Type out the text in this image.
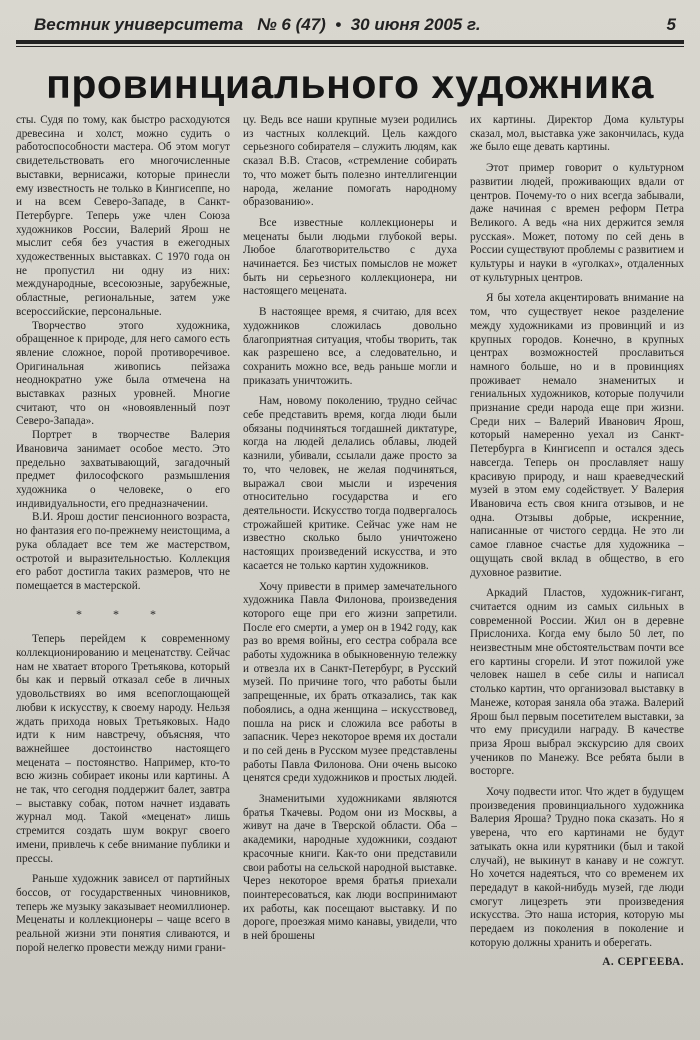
Вестник университета № 6 (47) • 30 июня 2005 г.	5
провинциального художника

сты. Судя по тому, как быстро расходуются древесина и холст, можно судить о работоспособности мастера. Об этом могут свидетельствовать его многочисленные выставки, вернисажи, которые принесли ему известность не только в Кингисеппе, но и на всем Северо-Западе, в Санкт-Петербурге. Теперь уже член Союза художников России, Валерий Ярош не мыслит себя без участия в ежегодных художественных выставках. С 1970 года он не пропустил ни одну из них: международные, всесоюзные, зарубежные, областные, региональные, затем уже всероссийские, персональные.

Творчество этого художника, обращенное к природе, для него самого есть явление сложное, порой противоречивое. Оригинальная живопись пейзажа неоднократно уже была отмечена на выставках разных уровней. Многие считают, что он «новоявленный поэт Северо-Запада».

Портрет в творчестве Валерия Ивановича занимает особое место. Это предельно захватывающий, загадочный предмет философского размышления художника о человеке, о его индивидуальности, его предназначении.

В.И. Ярош достиг пенсионного возраста, но фантазия его по-прежнему неистощима, а рука обладает все тем же мастерством, остротой и выразительностью. Коллекция его работ достигла таких размеров, что не помещается в мастерской.

* * *

Теперь перейдем к современному коллекционированию и меценатству. Сейчас нам не хватает второго Третьякова, который бы как и первый отказал себе в личных удовольствиях во имя всепоглощающей любви к искусству, к своему народу. Нельзя ждать прихода новых Третьяковых. Надо идти к ним навстречу, объясняя, что важнейшее достоинство настоящего мецената – постоянство. Например, кто-то всю жизнь собирает иконы или картины. А не так, что сегодня поддержит балет, завтра – выставку собак, потом начнет издавать журнал мод. Такой «меценат» лишь стремится создать шум вокруг своего имени, привлечь к себе внимание публики и прессы.

Раньше художник зависел от партийных боссов, от государственных чиновников, теперь же музыку заказывает неомиллионер. Меценаты и коллекционеры – чаще всего в реальной жизни эти понятия сливаются, и порой нелегко провести между ними грани-

цу. Ведь все наши крупные музеи родились из частных коллекций. Цель каждого серьезного собирателя – служить людям, как сказал В.В. Стасов, «стремление собирать то, что может быть полезно интеллигенции народа, желание помогать народному образованию».

Все известные коллекционеры и меценаты были людьми глубокой веры. Любое благотворительство с духа начинается. Без чистых помыслов не может быть ни серьезного коллекционера, ни настоящего мецената.

В настоящее время, я считаю, для всех художников сложилась довольно благоприятная ситуация, чтобы творить, так как разрешено все, а следовательно, и сохранить можно все, ведь раньше могли и приказать уничтожить.

Нам, новому поколению, трудно сейчас себе представить время, когда люди были обязаны подчиняться тогдашней диктатуре, когда на людей делались облавы, людей казнили, убивали, ссылали даже просто за то, что человек, не желая подчиняться, выражал свои мысли и изречения относительно государства и его деятельности. Искусство тогда подвергалось строжайшей критике. Сейчас уже нам не известно сколько было уничтожено настоящих произведений искусства, и это касается не только картин художников.

Хочу привести в пример замечательного художника Павла Филонова, произведения которого еще при его жизни запретили. После его смерти, а умер он в 1942 году, как раз во время войны, его сестра собрала все работы художника в обыкновенную тележку и отвезла их в Санкт-Петербург, в Русский музей. По причине того, что работы были запрещенные, их брать отказались, так как побоялись, а одна женщина – искусствовед, пошла на риск и сложила все работы в запасник. Через некоторое время их достали и по сей день в Русском музее представлены работы Павла Филонова. Они очень высоко ценятся среди художников и простых людей.

Знаменитыми художниками являются братья Ткачевы. Родом они из Москвы, а живут на даче в Тверской области. Оба – академики, народные художники, создают красочные книги. Как-то они представили свои работы на сельской народной выставке. Через некоторое время братья приехали поинтересоваться, как люди воспринимают их работы, как посещают выставку. И по дороге, проезжая мимо канавы, увидели, что в ней брошены

их картины. Директор Дома культуры сказал, мол, выставка уже закончилась, куда же было еще девать картины.

Этот пример говорит о культурном развитии людей, проживающих вдали от центров. Почему-то о них всегда забывали, даже начиная с времен реформ Петра Великого. А ведь «на них держится земля русская». Может, потому по сей день в России существуют проблемы с развитием и культуры и науки в «уголках», отдаленных от культурных центров.

Я бы хотела акцентировать внимание на том, что существует некое разделение между художниками из провинций и из крупных городов. Конечно, в крупных центрах возможностей прославиться намного больше, но и в провинциях проживает немало знаменитых и гениальных художников, которые получили признание среди народа еще при жизни. Среди них – Валерий Иванович Ярош, который намеренно уехал из Санкт-Петербурга в Кингисепп и остался здесь навсегда. Теперь он прославляет нашу красивую природу, и наш краеведческий музей в этом ему содействует. У Валерия Ивановича есть своя книга отзывов, и не одна. Отзывы добрые, искренние, написанные от чистого сердца. Не это ли самое главное счастье для художника – ощущать свой вклад в общество, в его духовное развитие.

Аркадий Пластов, художник-гигант, считается одним из самых сильных в современной России. Жил он в деревне Прислониха. Когда ему было 50 лет, по неизвестным мне обстоятельствам почти все его картины сгорели. И этот пожилой уже человек нашел в себе силы и написал столько картин, что организовал выставку в Манеже, которая заняла оба этажа. Валерий Ярош был первым посетителем выставки, за что ему присудили награду. В качестве приза Ярош выбрал экскурсию для своих учеников по Манежу. Все ребята были в восторге.

Хочу подвести итог. Что ждет в будущем произведения провинциального художника Валерия Яроша? Трудно пока сказать. Но я уверена, что его картинами не будут затыкать окна или курятники (был и такой случай), не выкинут в канаву и не сожгут. Но хочется надеяться, что со временем их передадут в какой-нибудь музей, где люди смогут лицезреть эти произведения искусства. Это наша история, которую мы передаем из поколения в поколение и которую должны хранить и оберегать.

А. СЕРГЕЕВА.
